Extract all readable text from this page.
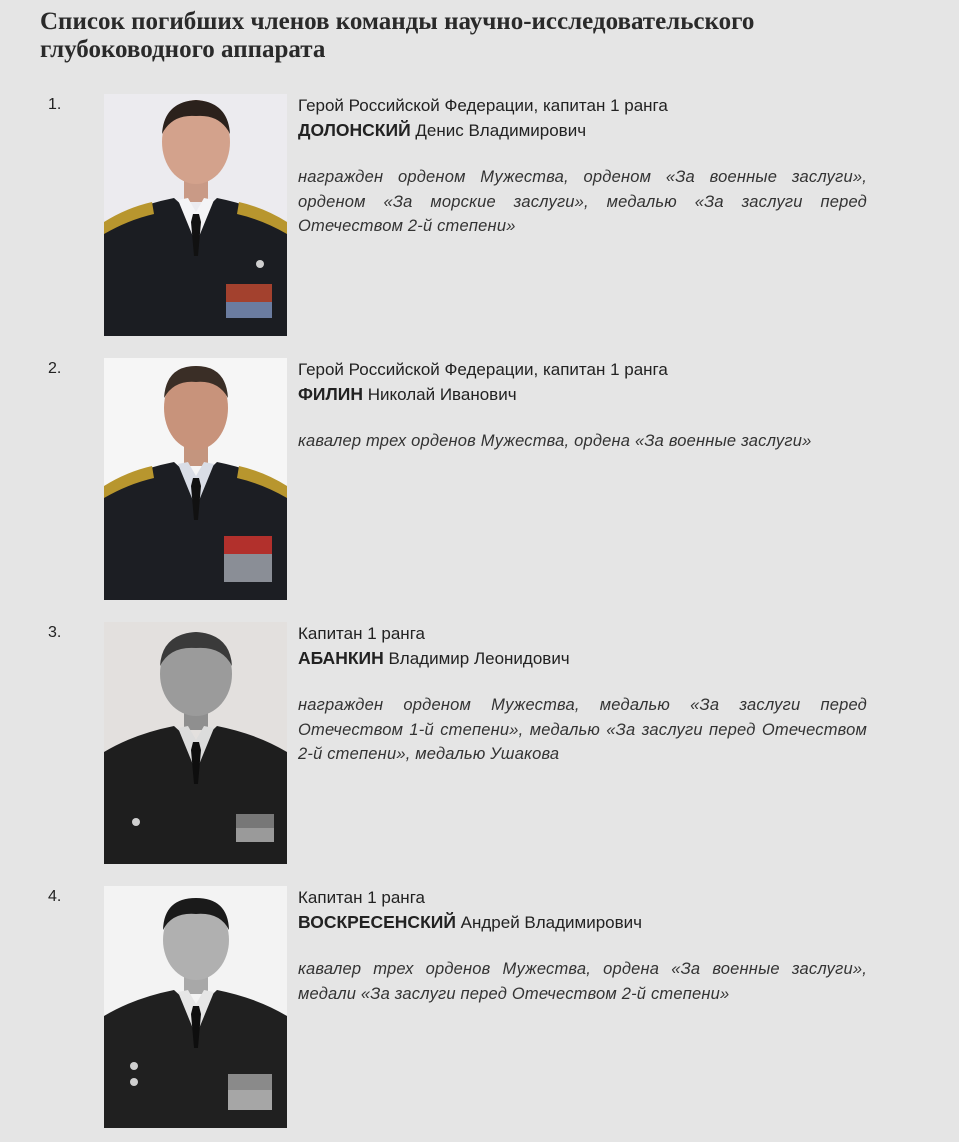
Список погибших членов команды научно-исследовательского глубоководного аппарата
1.	Герой Российской Федерации, капитан 1 ранга
ДОЛОНСКИЙ Денис Владимирович
награжден орденом Мужества, орденом «За военные заслуги», орденом «За морские заслуги», медалью «За заслуги перед Отечеством 2-й степени»
2.	Герой Российской Федерации, капитан 1 ранга
ФИЛИН Николай Иванович
кавалер трех орденов Мужества, ордена «За военные заслуги»
3.	Капитан 1 ранга
АБАНКИН Владимир Леонидович
награжден орденом Мужества, медалью «За заслуги перед Отечеством 1-й степени», медалью «За заслуги перед Отечеством 2-й степени», медалью Ушакова
4.	Капитан 1 ранга
ВОСКРЕСЕНСКИЙ Андрей Владимирович
кавалер трех орденов Мужества, ордена «За военные заслуги», медали «За заслуги перед Отечеством 2-й степени»
